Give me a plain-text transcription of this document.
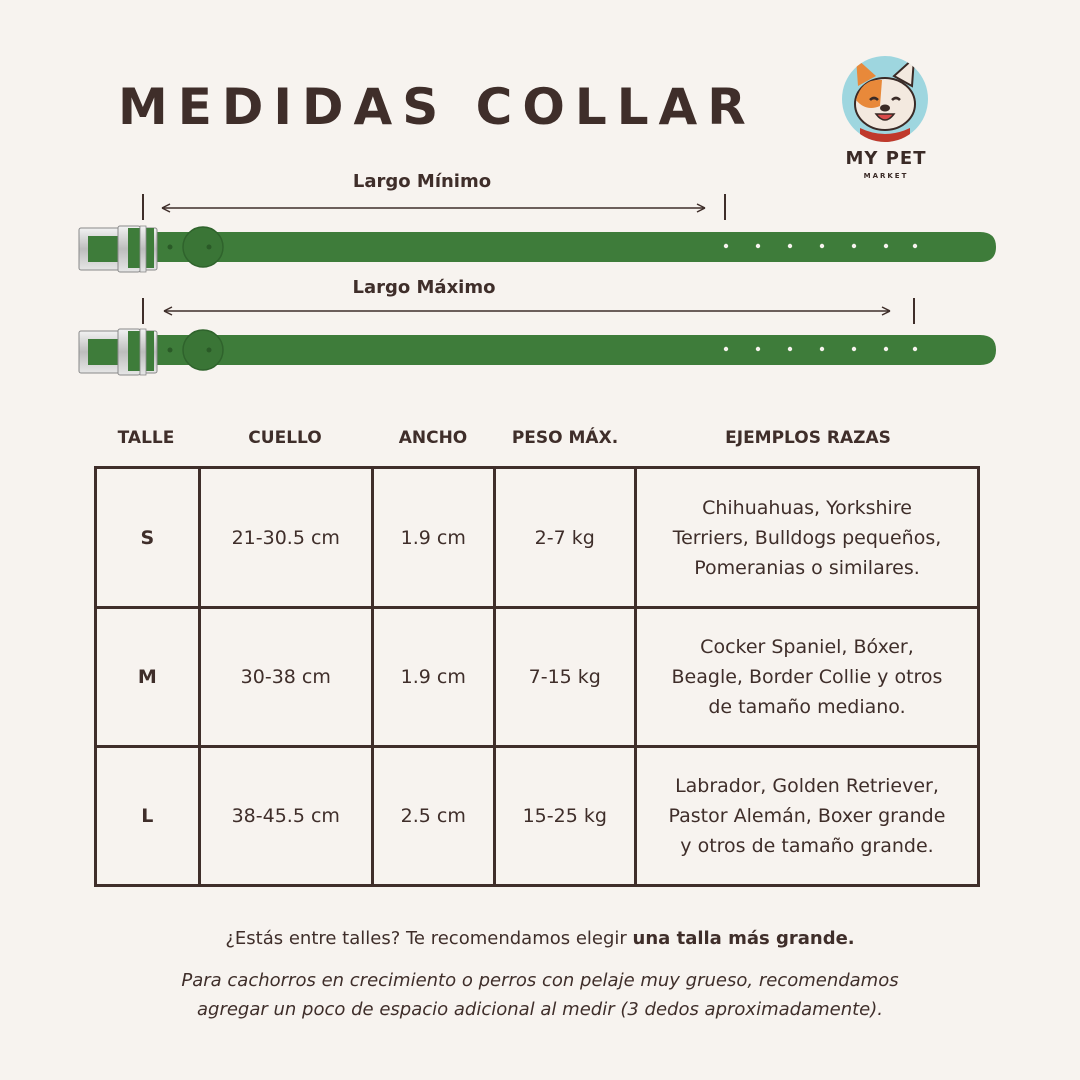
MEDIDAS COLLAR
MY PET
MARKET
Largo Mínimo
Largo Máximo
TALLE	CUELLO	ANCHO	PESO MÁX.	EJEMPLOS RAZAS
S	21-30.5 cm	1.9 cm	2-7 kg	Chihuahuas, Yorkshire
Terriers, Bulldogs pequeños,
Pomeranias o similares.

M	30-38 cm	1.9 cm	7-15 kg	Cocker Spaniel, Bóxer,
Beagle, Border Collie y otros
de tamaño mediano.

L	38-45.5 cm	2.5 cm	15-25 kg	Labrador, Golden Retriever,
Pastor Alemán, Boxer grande
y otros de tamaño grande.
¿Estás entre talles? Te recomendamos elegir una talla más grande.
Para cachorros en crecimiento o perros con pelaje muy grueso, recomendamos
agregar un poco de espacio adicional al medir (3 dedos aproximadamente).
